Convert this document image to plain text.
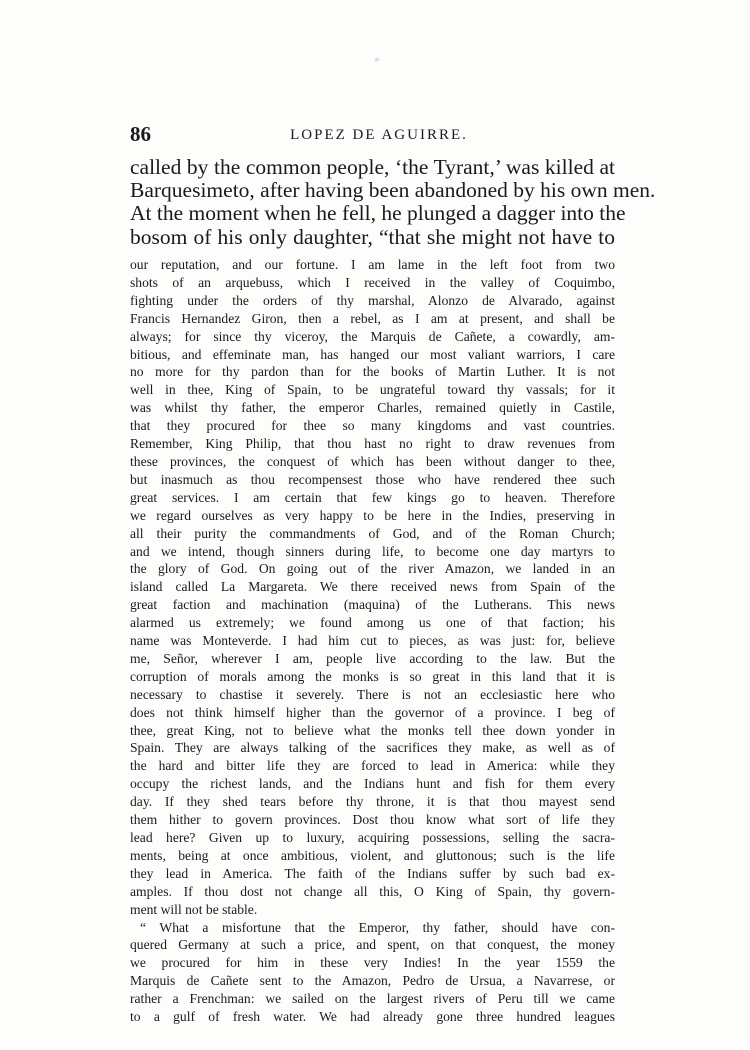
*
86	LOPEZ DE AGUIRRE.
called by the common people, ‘the Tyrant,’ was killed at
Barquesimeto, after having been abandoned by his own men.
At the moment when he fell, he plunged a dagger into the
bosom of his only daughter, “that she might not have to
our reputation, and our fortune. I am lame in the left foot from two
shots of an arquebuss, which I received in the valley of Coquimbo,
fighting under the orders of thy marshal, Alonzo de Alvarado, against
Francis Hernandez Giron, then a rebel, as I am at present, and shall be
always; for since thy viceroy, the Marquis de Cañete, a cowardly, am-
bitious, and effeminate man, has hanged our most valiant warriors, I care
no more for thy pardon than for the books of Martin Luther. It is not
well in thee, King of Spain, to be ungrateful toward thy vassals; for it
was whilst thy father, the emperor Charles, remained quietly in Castile,
that they procured for thee so many kingdoms and vast countries.
Remember, King Philip, that thou hast no right to draw revenues from
these provinces, the conquest of which has been without danger to thee,
but inasmuch as thou recompensest those who have rendered thee such
great services. I am certain that few kings go to heaven. Therefore
we regard ourselves as very happy to be here in the Indies, preserving in
all their purity the commandments of God, and of the Roman Church;
and we intend, though sinners during life, to become one day martyrs to
the glory of God. On going out of the river Amazon, we landed in an
island called La Margareta. We there received news from Spain of the
great faction and machination (maquina) of the Lutherans. This news
alarmed us extremely; we found among us one of that faction; his
name was Monteverde. I had him cut to pieces, as was just: for, believe
me, Señor, wherever I am, people live according to the law. But the
corruption of morals among the monks is so great in this land that it is
necessary to chastise it severely. There is not an ecclesiastic here who
does not think himself higher than the governor of a province. I beg of
thee, great King, not to believe what the monks tell thee down yonder in
Spain. They are always talking of the sacrifices they make, as well as of
the hard and bitter life they are forced to lead in America: while they
occupy the richest lands, and the Indians hunt and fish for them every
day. If they shed tears before thy throne, it is that thou mayest send
them hither to govern provinces. Dost thou know what sort of life they
lead here? Given up to luxury, acquiring possessions, selling the sacra-
ments, being at once ambitious, violent, and gluttonous; such is the life
they lead in America. The faith of the Indians suffer by such bad ex-
amples. If thou dost not change all this, O King of Spain, thy govern-
ment will not be stable.
“ What a misfortune that the Emperor, thy father, should have con-
quered Germany at such a price, and spent, on that conquest, the money
we procured for him in these very Indies! In the year 1559 the
Marquis de Cañete sent to the Amazon, Pedro de Ursua, a Navarrese, or
rather a Frenchman: we sailed on the largest rivers of Peru till we came
to a gulf of fresh water. We had already gone three hundred leagues
